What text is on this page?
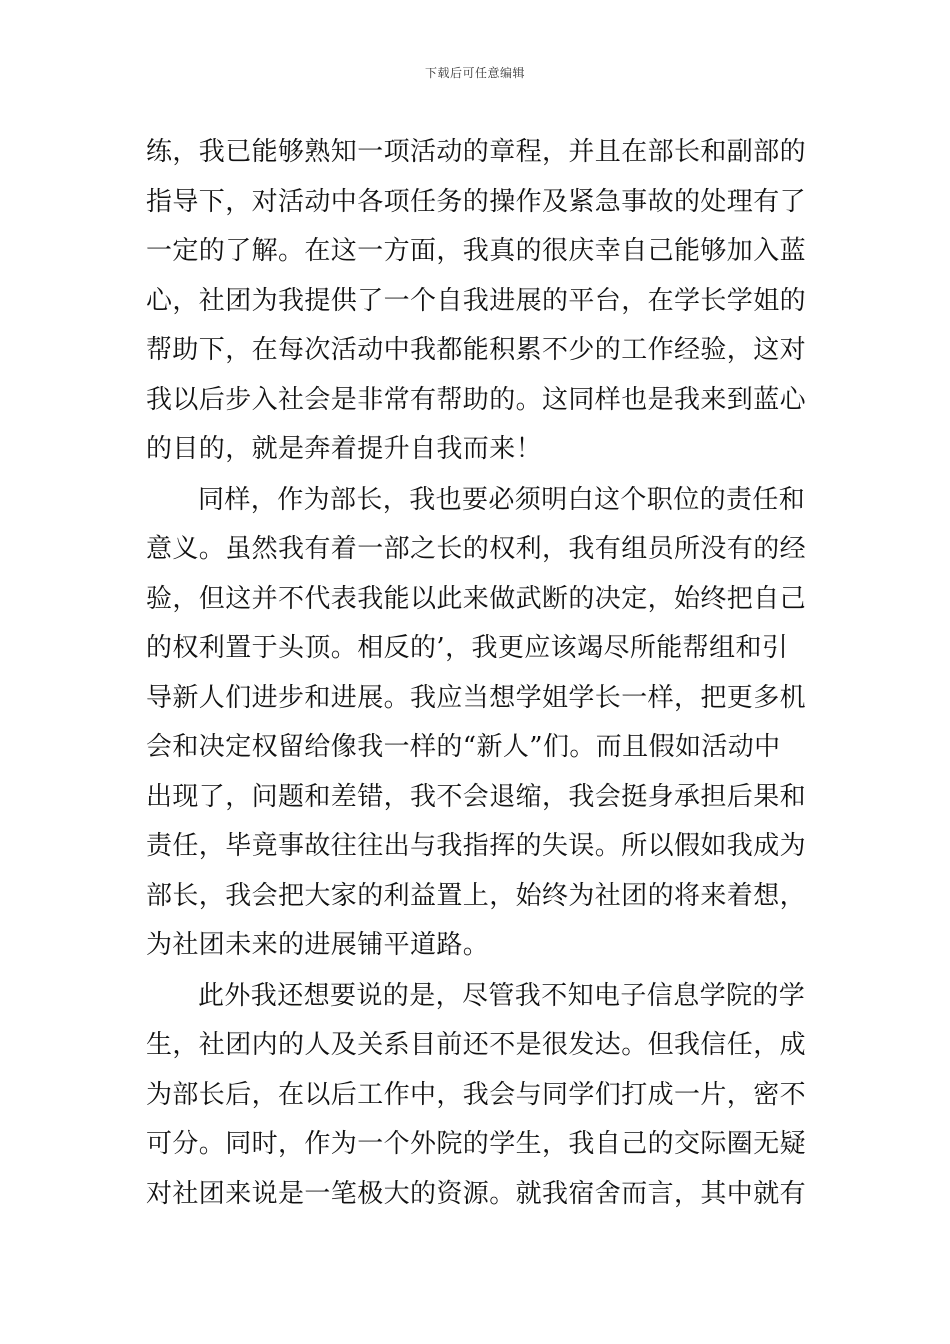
下载后可任意编辑
练，我已能够熟知一项活动的章程，并且在部长和副部的
指导下，对活动中各项任务的操作及紧急事故的处理有了
一定的了解。在这一方面，我真的很庆幸自己能够加入蓝
心，社团为我提供了一个自我进展的平台，在学长学姐的
帮助下，在每次活动中我都能积累不少的工作经验，这对
我以后步入社会是非常有帮助的。这同样也是我来到蓝心
的目的，就是奔着提升自我而来！
同样，作为部长，我也要必须明白这个职位的责任和
意义。虽然我有着一部之长的权利，我有组员所没有的经
验，但这并不代表我能以此来做武断的决定，始终把自己
的权利置于头顶。相反的’，我更应该竭尽所能帮组和引
导新人们进步和进展。我应当想学姐学长一样，把更多机
会和决定权留给像我一样的“新人”们。而且假如活动中
出现了，问题和差错，我不会退缩，我会挺身承担后果和
责任，毕竟事故往往出与我指挥的失误。所以假如我成为
部长，我会把大家的利益置上，始终为社团的将来着想，
为社团未来的进展铺平道路。
此外我还想要说的是，尽管我不知电子信息学院的学
生，社团内的人及关系目前还不是很发达。但我信任，成
为部长后，在以后工作中，我会与同学们打成一片，密不
可分。同时，作为一个外院的学生，我自己的交际圈无疑
对社团来说是一笔极大的资源。就我宿舍而言，其中就有
